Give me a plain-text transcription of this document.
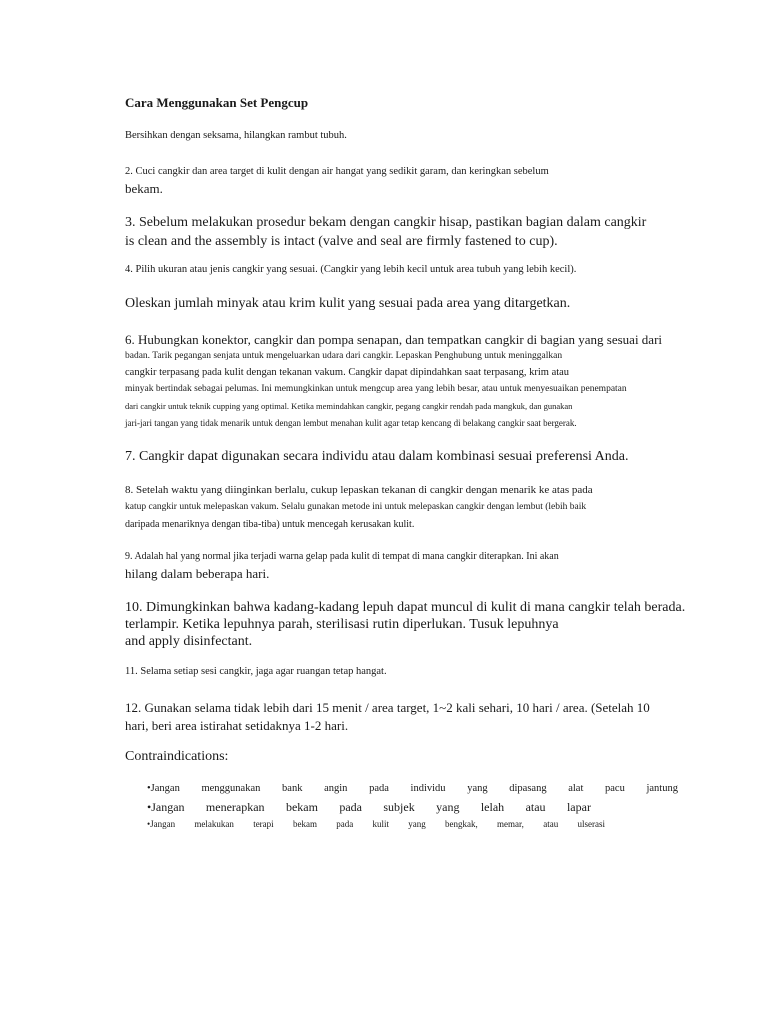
Cara Menggunakan Set Pengcup

Bersihkan dengan seksama, hilangkan rambut tubuh.

2. Cuci cangkir dan area target di kulit dengan air hangat yang sedikit garam, dan keringkan sebelum
bekam.
3. Sebelum melakukan prosedur bekam dengan cangkir hisap, pastikan bagian dalam cangkir
is clean and the assembly is intact (valve and seal are firmly fastened to cup).

4. Pilih ukuran atau jenis cangkir yang sesuai. (Cangkir yang lebih kecil untuk area tubuh yang lebih kecil).

Oleskan jumlah minyak atau krim kulit yang sesuai pada area yang ditargetkan.

6. Hubungkan konektor, cangkir dan pompa senapan, dan tempatkan cangkir di bagian yang sesuai dari
badan. Tarik pegangan senjata untuk mengeluarkan udara dari cangkir. Lepaskan Penghubung untuk meninggalkan
cangkir terpasang pada kulit dengan tekanan vakum. Cangkir dapat dipindahkan saat terpasang, krim atau
minyak bertindak sebagai pelumas. Ini memungkinkan untuk mengcup area yang lebih besar, atau untuk menyesuaikan penempatan
dari cangkir untuk teknik cupping yang optimal. Ketika memindahkan cangkir, pegang cangkir rendah pada mangkuk, dan gunakan
jari-jari tangan yang tidak menarik untuk dengan lembut menahan kulit agar tetap kencang di belakang cangkir saat bergerak.

7. Cangkir dapat digunakan secara individu atau dalam kombinasi sesuai preferensi Anda.

8. Setelah waktu yang diinginkan berlalu, cukup lepaskan tekanan di cangkir dengan menarik ke atas pada
katup cangkir untuk melepaskan vakum. Selalu gunakan metode ini untuk melepaskan cangkir dengan lembut (lebih baik
daripada menariknya dengan tiba-tiba) untuk mencegah kerusakan kulit.
9. Adalah hal yang normal jika terjadi warna gelap pada kulit di tempat di mana cangkir diterapkan. Ini akan
hilang dalam beberapa hari.
10. Dimungkinkan bahwa kadang-kadang lepuh dapat muncul di kulit di mana cangkir telah berada.
terlampir. Ketika lepuhnya parah, sterilisasi rutin diperlukan. Tusuk lepuhnya
and apply disinfectant.

11. Selama setiap sesi cangkir, jaga agar ruangan tetap hangat.

12. Gunakan selama tidak lebih dari 15 menit / area target, 1~2 kali sehari, 10 hari / area. (Setelah 10
hari, beri area istirahat setidaknya 1-2 hari.

Contraindications:

•Jangan menggunakan bank angin pada individu yang dipasang alat pacu jantung
•Jangan menerapkan bekam pada subjek yang lelah atau lapar
•Jangan melakukan terapi bekam pada kulit yang bengkak, memar, atau ulserasi
